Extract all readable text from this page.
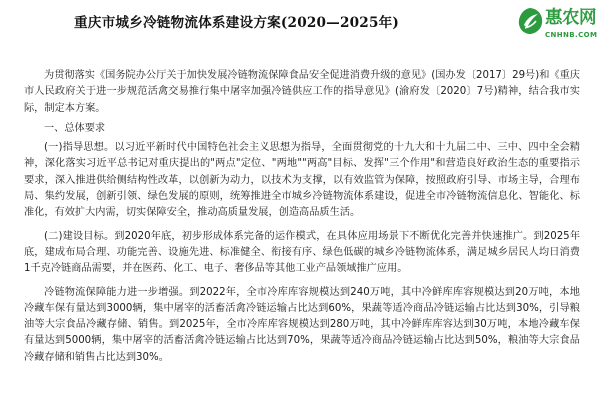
重庆市城乡冷链物流体系建设方案(2020—2025年)	惠农网
CNHNB.COM

为贯彻落实《国务院办公厅关于加快发展冷链物流保障食品安全促进消费升级的意见》(国办发〔2017〕29号)和《重庆市人民政府关于进一步规范活禽交易推行集中屠宰加强冷链供应工作的指导意见》(渝府发〔2020〕7号)精神，结合我市实际，制定本方案。

一、总体要求

(一)指导思想。以习近平新时代中国特色社会主义思想为指导，全面贯彻党的十九大和十九届二中、三中、四中全会精神，深化落实习近平总书记对重庆提出的"两点"定位、"两地""两高"目标、发挥"三个作用"和营造良好政治生态的重要指示要求，深入推进供给侧结构性改革，以创新为动力，以技术为支撑，以有效监管为保障，按照政府引导、市场主导，合理布局、集约发展，创新引领、绿色发展的原则，统筹推进全市城乡冷链物流体系建设，促进全市冷链物流信息化、智能化、标准化，有效扩大内需，切实保障安全，推动高质量发展，创造高品质生活。

(二)建设目标。到2020年底，初步形成体系完备的运作模式，在具体应用场景下不断优化完善并快速推广。到2025年底，建成布局合理、功能完善、设施先进、标准健全、衔接有序、绿色低碳的城乡冷链物流体系，满足城乡居民人均日消费1千克冷链商品需要，并在医药、化工、电子、奢侈品等其他工业产品领域推广应用。

冷链物流保障能力进一步增强。到2022年，全市冷库库容规模达到240万吨，其中冷鲜库库容规模达到20万吨，本地冷藏车保有量达到3000辆，集中屠宰的活畜活禽冷链运输占比达到60%，果蔬等适冷商品冷链运输占比达到30%，引导粮油等大宗食品冷藏存储、销售。到2025年，全市冷库库容规模达到280万吨，其中冷鲜库库容达到30万吨，本地冷藏车保有量达到5000辆，集中屠宰的活畜活禽冷链运输占比达到70%，果蔬等适冷商品冷链运输占比达到50%，粮油等大宗食品冷藏存储和销售占比达到30%。
